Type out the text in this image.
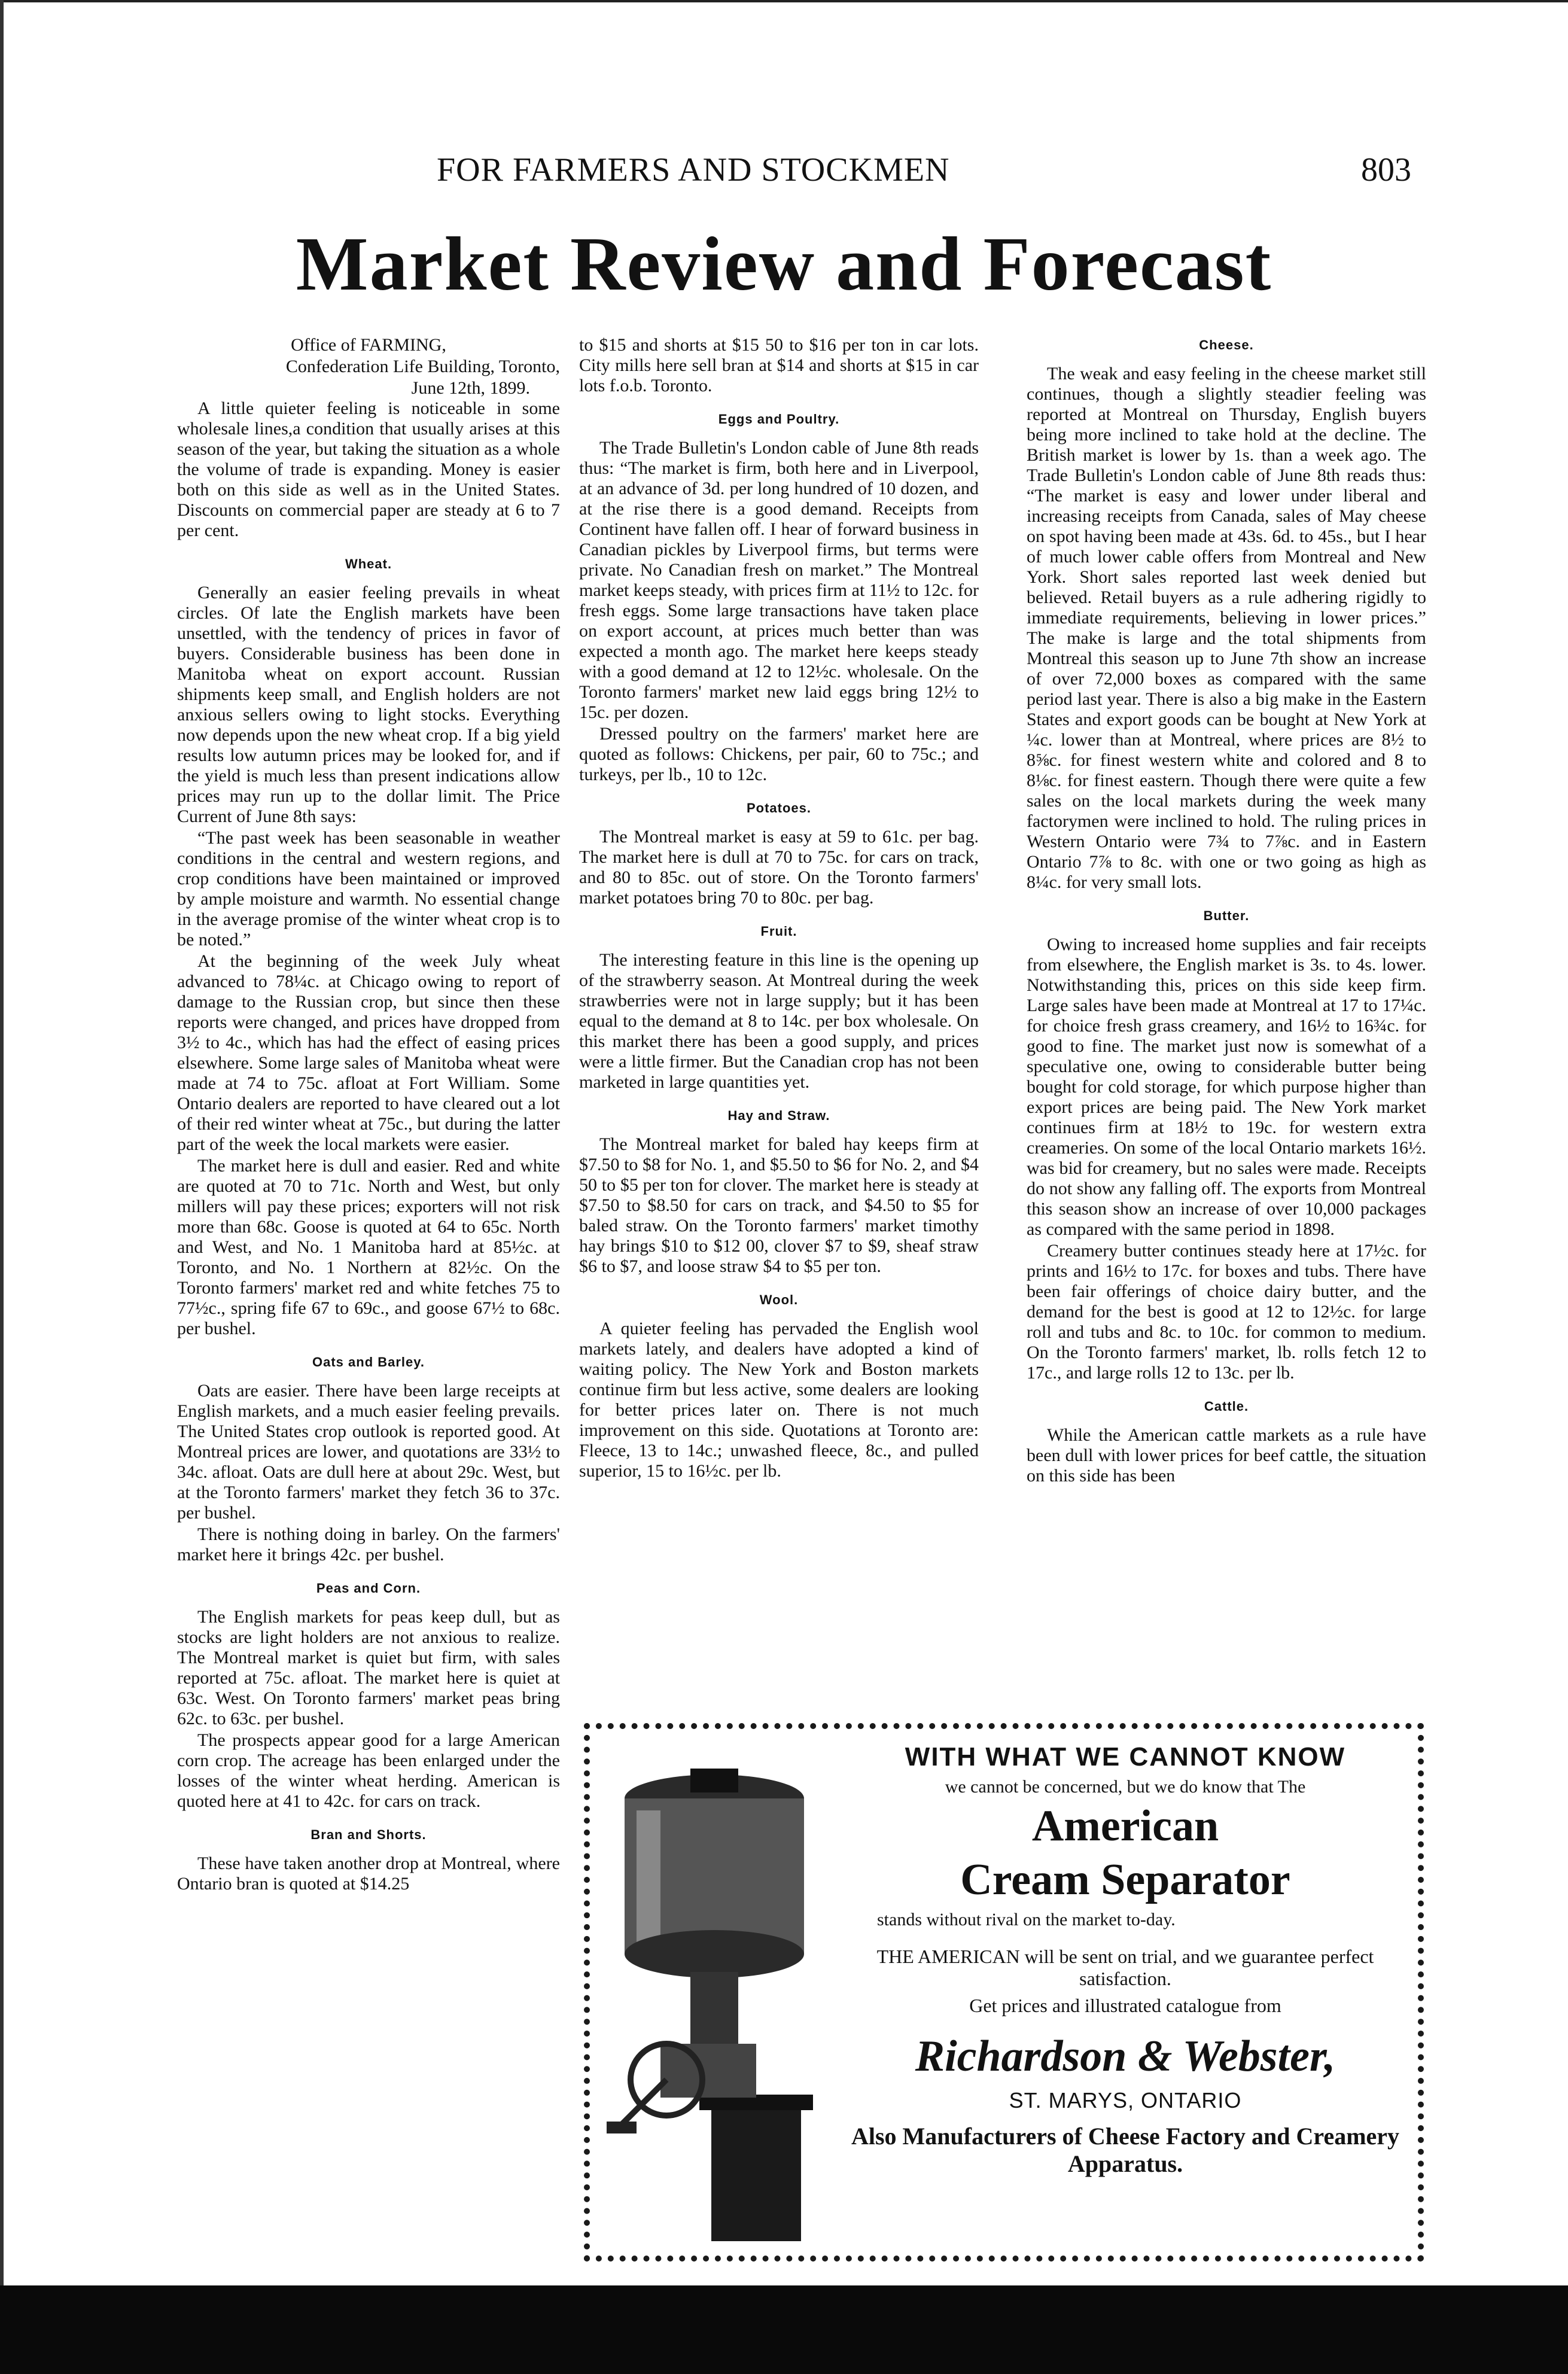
FOR FARMERS AND STOCKMEN	803
Market Review and Forecast

Office of FARMING,

Confederation Life Building, Toronto,

June 12th, 1899.

A little quieter feeling is noticeable in some wholesale lines,a condition that usually arises at this season of the year, but taking the situation as a whole the volume of trade is expanding. Money is easier both on this side as well as in the United States. Discounts on commercial paper are steady at 6 to 7 per cent.

Wheat.

Generally an easier feeling prevails in wheat circles. Of late the English markets have been unsettled, with the tendency of prices in favor of buyers. Considerable business has been done in Manitoba wheat on export account. Russian shipments keep small, and English holders are not anxious sellers owing to light stocks. Everything now depends upon the new wheat crop. If a big yield results low autumn prices may be looked for, and if the yield is much less than present indications allow prices may run up to the dollar limit. The Price Current of June 8th says:

“The past week has been seasonable in weather conditions in the central and western regions, and crop conditions have been maintained or improved by ample moisture and warmth. No essential change in the average promise of the winter wheat crop is to be noted.”

At the beginning of the week July wheat advanced to 78¼c. at Chicago owing to report of damage to the Russian crop, but since then these reports were changed, and prices have dropped from 3½ to 4c., which has had the effect of easing prices elsewhere. Some large sales of Manitoba wheat were made at 74 to 75c. afloat at Fort William. Some Ontario dealers are reported to have cleared out a lot of their red winter wheat at 75c., but during the latter part of the week the local markets were easier.

The market here is dull and easier. Red and white are quoted at 70 to 71c. North and West, but only millers will pay these prices; exporters will not risk more than 68c. Goose is quoted at 64 to 65c. North and West, and No. 1 Manitoba hard at 85½c. at Toronto, and No. 1 Northern at 82½c. On the Toronto farmers' market red and white fetches 75 to 77½c., spring fife 67 to 69c., and goose 67½ to 68c. per bushel.

Oats and Barley.

Oats are easier. There have been large receipts at English markets, and a much easier feeling prevails. The United States crop outlook is reported good. At Montreal prices are lower, and quotations are 33½ to 34c. afloat. Oats are dull here at about 29c. West, but at the Toronto farmers' market they fetch 36 to 37c. per bushel.

There is nothing doing in barley. On the farmers' market here it brings 42c. per bushel.

Peas and Corn.

The English markets for peas keep dull, but as stocks are light holders are not anxious to realize. The Montreal market is quiet but firm, with sales reported at 75c. afloat. The market here is quiet at 63c. West. On Toronto farmers' market peas bring 62c. to 63c. per bushel.

The prospects appear good for a large American corn crop. The acreage has been enlarged under the losses of the winter wheat herding. American is quoted here at 41 to 42c. for cars on track.

Bran and Shorts.

These have taken another drop at Montreal, where Ontario bran is quoted at $14.25

to $15 and shorts at $15 50 to $16 per ton in car lots. City mills here sell bran at $14 and shorts at $15 in car lots f.o.b. Toronto.

Eggs and Poultry.

The Trade Bulletin's London cable of June 8th reads thus: “The market is firm, both here and in Liverpool, at an advance of 3d. per long hundred of 10 dozen, and at the rise there is a good demand. Receipts from Continent have fallen off. I hear of forward business in Canadian pickles by Liverpool firms, but terms were private. No Canadian fresh on market.” The Montreal market keeps steady, with prices firm at 11½ to 12c. for fresh eggs. Some large transactions have taken place on export account, at prices much better than was expected a month ago. The market here keeps steady with a good demand at 12 to 12½c. wholesale. On the Toronto farmers' market new laid eggs bring 12½ to 15c. per dozen.

Dressed poultry on the farmers' market here are quoted as follows: Chickens, per pair, 60 to 75c.; and turkeys, per lb., 10 to 12c.

Potatoes.

The Montreal market is easy at 59 to 61c. per bag. The market here is dull at 70 to 75c. for cars on track, and 80 to 85c. out of store. On the Toronto farmers' market potatoes bring 70 to 80c. per bag.

Fruit.

The interesting feature in this line is the opening up of the strawberry season. At Montreal during the week strawberries were not in large supply; but it has been equal to the demand at 8 to 14c. per box wholesale. On this market there has been a good supply, and prices were a little firmer. But the Canadian crop has not been marketed in large quantities yet.

Hay and Straw.

The Montreal market for baled hay keeps firm at $7.50 to $8 for No. 1, and $5.50 to $6 for No. 2, and $4 50 to $5 per ton for clover. The market here is steady at $7.50 to $8.50 for cars on track, and $4.50 to $5 for baled straw. On the Toronto farmers' market timothy hay brings $10 to $12 00, clover $7 to $9, sheaf straw $6 to $7, and loose straw $4 to $5 per ton.

Wool.

A quieter feeling has pervaded the English wool markets lately, and dealers have adopted a kind of waiting policy. The New York and Boston markets continue firm but less active, some dealers are looking for better prices later on. There is not much improvement on this side. Quotations at Toronto are: Fleece, 13 to 14c.; unwashed fleece, 8c., and pulled superior, 15 to 16½c. per lb.

Cheese.

The weak and easy feeling in the cheese market still continues, though a slightly steadier feeling was reported at Montreal on Thursday, English buyers being more inclined to take hold at the decline. The British market is lower by 1s. than a week ago. The Trade Bulletin's London cable of June 8th reads thus: “The market is easy and lower under liberal and increasing receipts from Canada, sales of May cheese on spot having been made at 43s. 6d. to 45s., but I hear of much lower cable offers from Montreal and New York. Short sales reported last week denied but believed. Retail buyers as a rule adhering rigidly to immediate requirements, believing in lower prices.” The make is large and the total shipments from Montreal this season up to June 7th show an increase of over 72,000 boxes as compared with the same period last year. There is also a big make in the Eastern States and export goods can be bought at New York at ¼c. lower than at Montreal, where prices are 8½ to 8⅝c. for finest western white and colored and 8 to 8⅛c. for finest eastern. Though there were quite a few sales on the local markets during the week many factorymen were inclined to hold. The ruling prices in Western Ontario were 7¾ to 7⅞c. and in Eastern Ontario 7⅞ to 8c. with one or two going as high as 8¼c. for very small lots.

Butter.

Owing to increased home supplies and fair receipts from elsewhere, the English market is 3s. to 4s. lower. Notwithstanding this, prices on this side keep firm. Large sales have been made at Montreal at 17 to 17¼c. for choice fresh grass creamery, and 16½ to 16¾c. for good to fine. The market just now is somewhat of a speculative one, owing to considerable butter being bought for cold storage, for which purpose higher than export prices are being paid. The New York market continues firm at 18½ to 19c. for western extra creameries. On some of the local Ontario markets 16½. was bid for creamery, but no sales were made. Receipts do not show any falling off. The exports from Montreal this season show an increase of over 10,000 packages as compared with the same period in 1898.

Creamery butter continues steady here at 17½c. for prints and 16½ to 17c. for boxes and tubs. There have been fair offerings of choice dairy butter, and the demand for the best is good at 12 to 12½c. for large roll and tubs and 8c. to 10c. for common to medium. On the Toronto farmers' market, lb. rolls fetch 12 to 17c., and large rolls 12 to 13c. per lb.

Cattle.

While the American cattle markets as a rule have been dull with lower prices for beef cattle, the situation on this side has been

WITH WHAT WE CANNOT KNOW
we cannot be concerned, but we do know that The
American
Cream Separator
stands without rival on the market to-day.
THE AMERICAN will be sent on trial, and we guarantee perfect satisfaction.
Get prices and illustrated catalogue from
Richardson & Webster,
ST. MARYS, ONTARIO
Also Manufacturers of Cheese Factory and Creamery Apparatus.
